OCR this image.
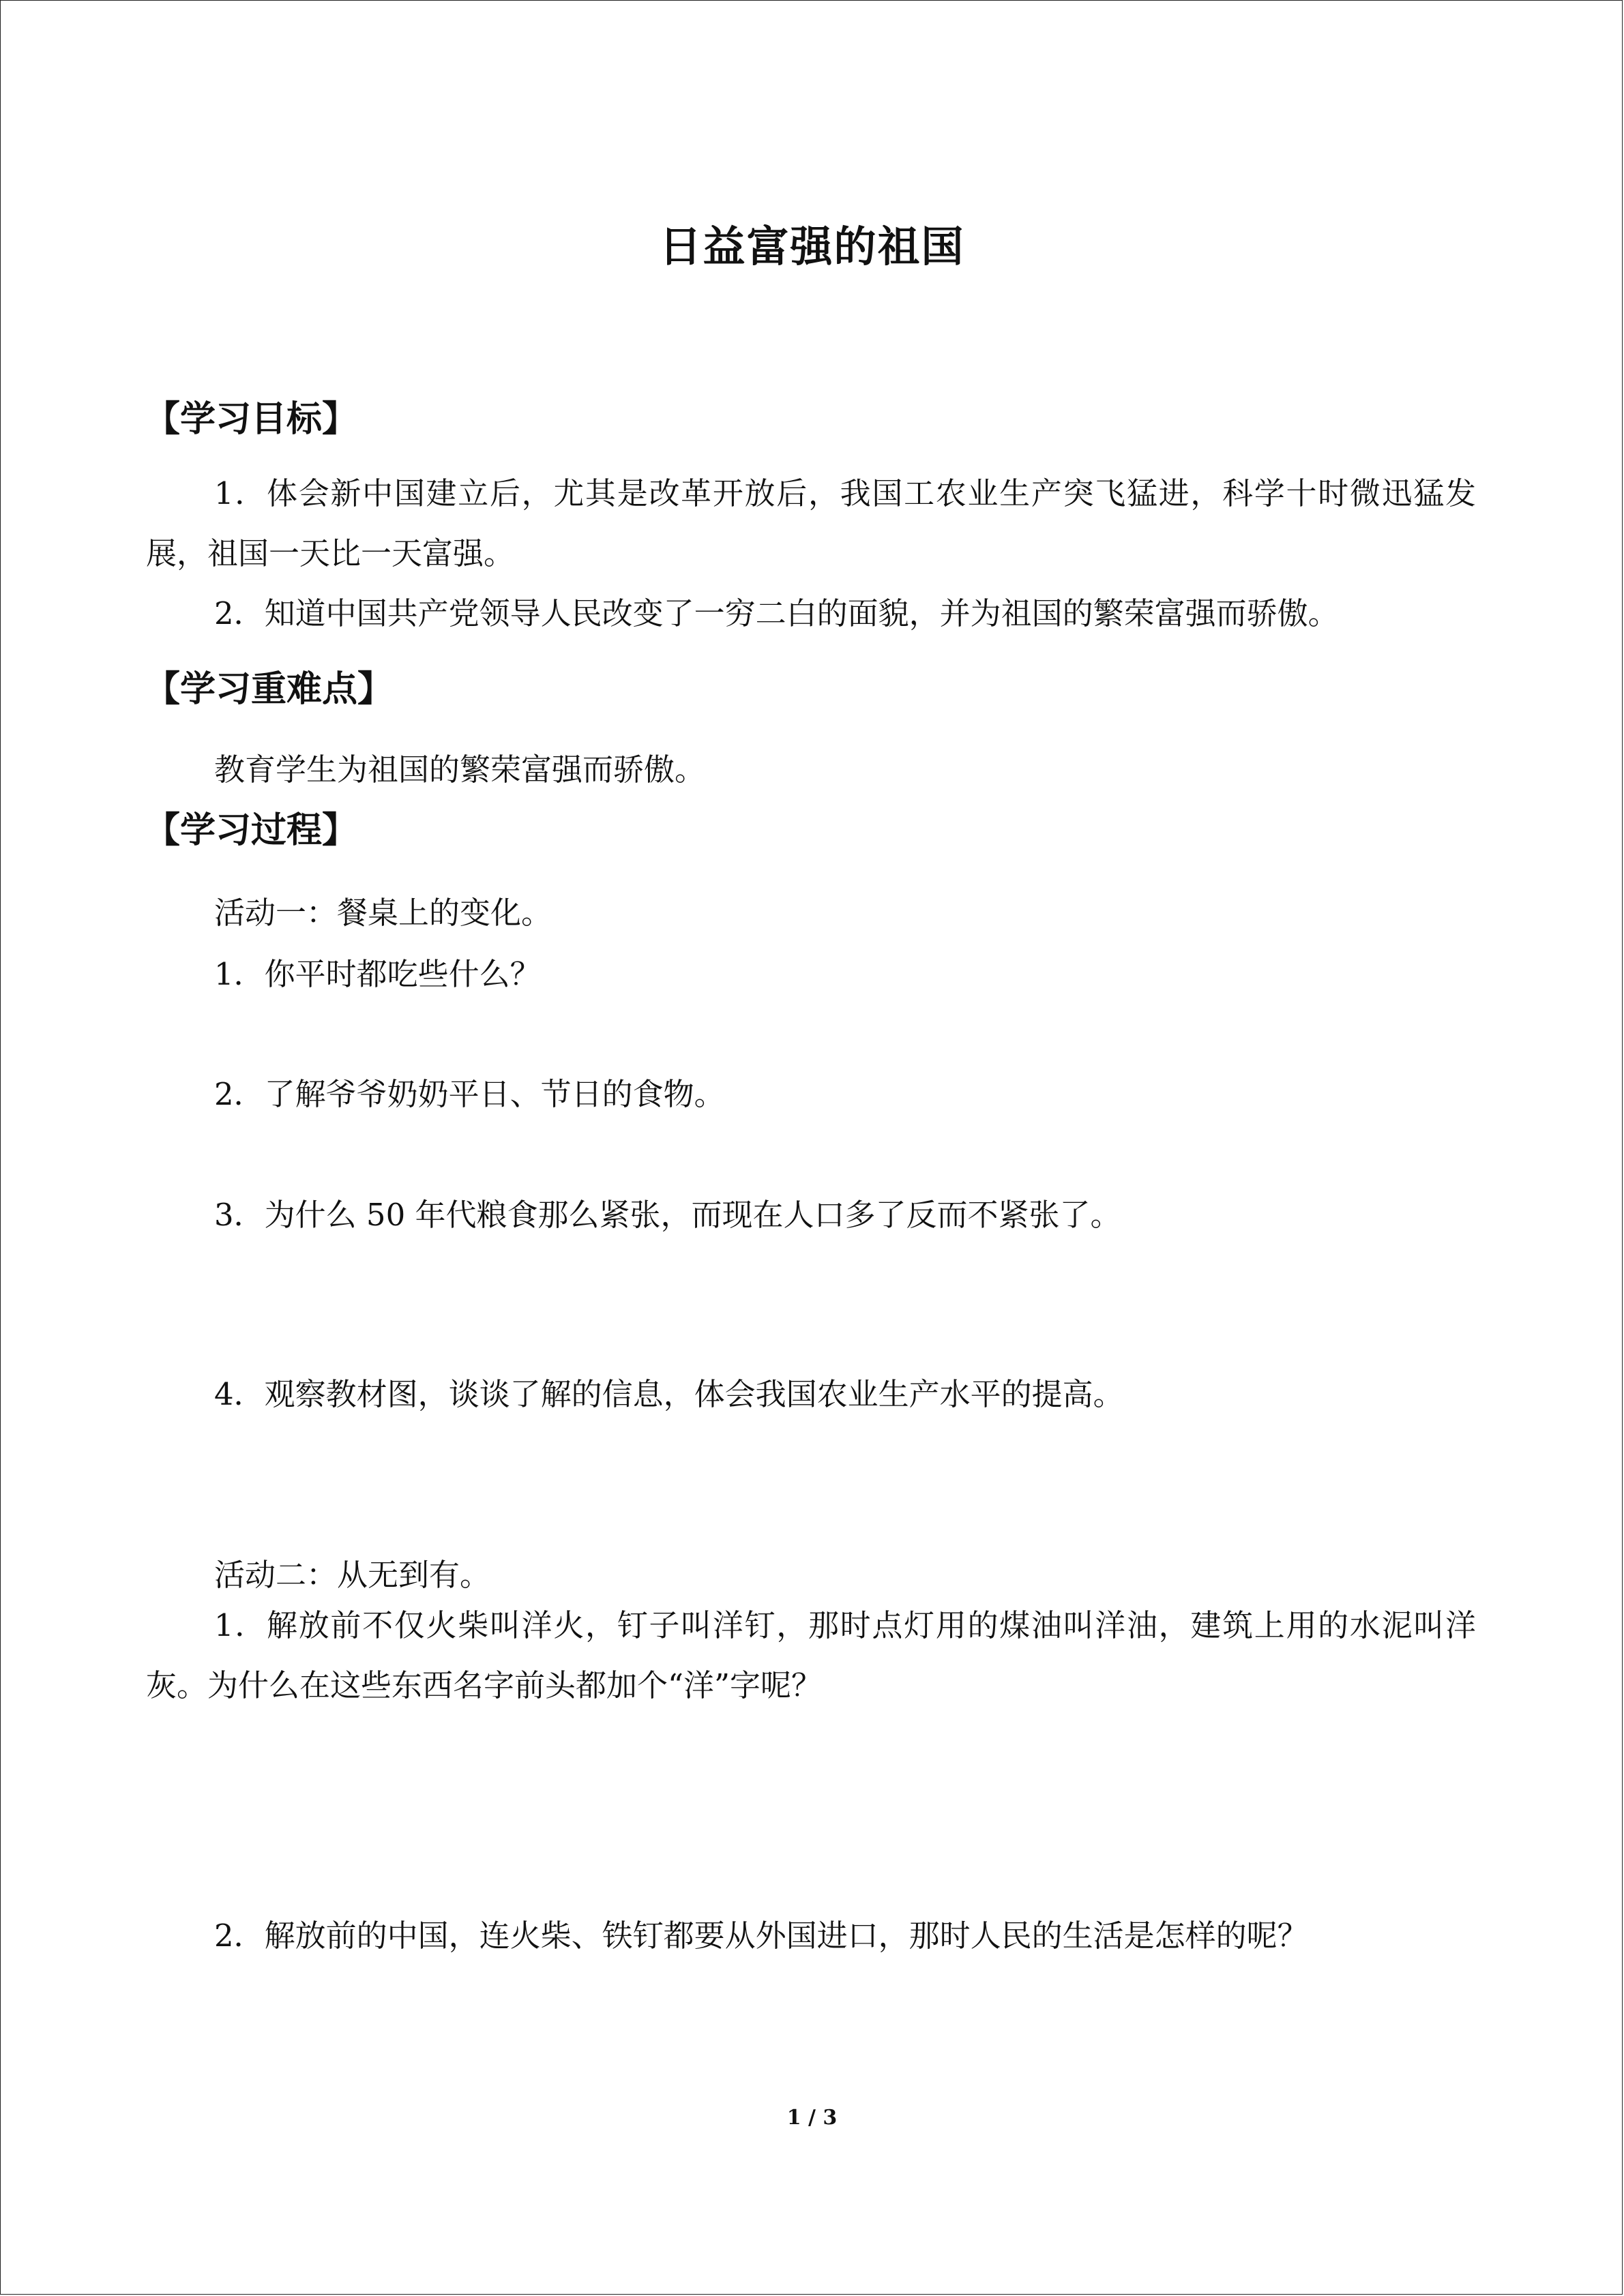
日益富强的祖国
【学习目标】
1．体会新中国建立后，尤其是改革开放后，我国工农业生产突飞猛进，科学十时微迅猛发展，祖国一天比一天富强。
2．知道中国共产党领导人民改变了一穷二白的面貌，并为祖国的繁荣富强而骄傲。
【学习重难点】
教育学生为祖国的繁荣富强而骄傲。
【学习过程】
活动一：餐桌上的变化。
1．你平时都吃些什么？
2．了解爷爷奶奶平日、节日的食物。
3．为什么 50 年代粮食那么紧张，而现在人口多了反而不紧张了。
4．观察教材图，谈谈了解的信息，体会我国农业生产水平的提高。
活动二：从无到有。
1．解放前不仅火柴叫洋火，钉子叫洋钉，那时点灯用的煤油叫洋油，建筑上用的水泥叫洋灰。为什么在这些东西名字前头都加个“洋”字呢？
2．解放前的中国，连火柴、铁钉都要从外国进口，那时人民的生活是怎样的呢？
1 / 3
